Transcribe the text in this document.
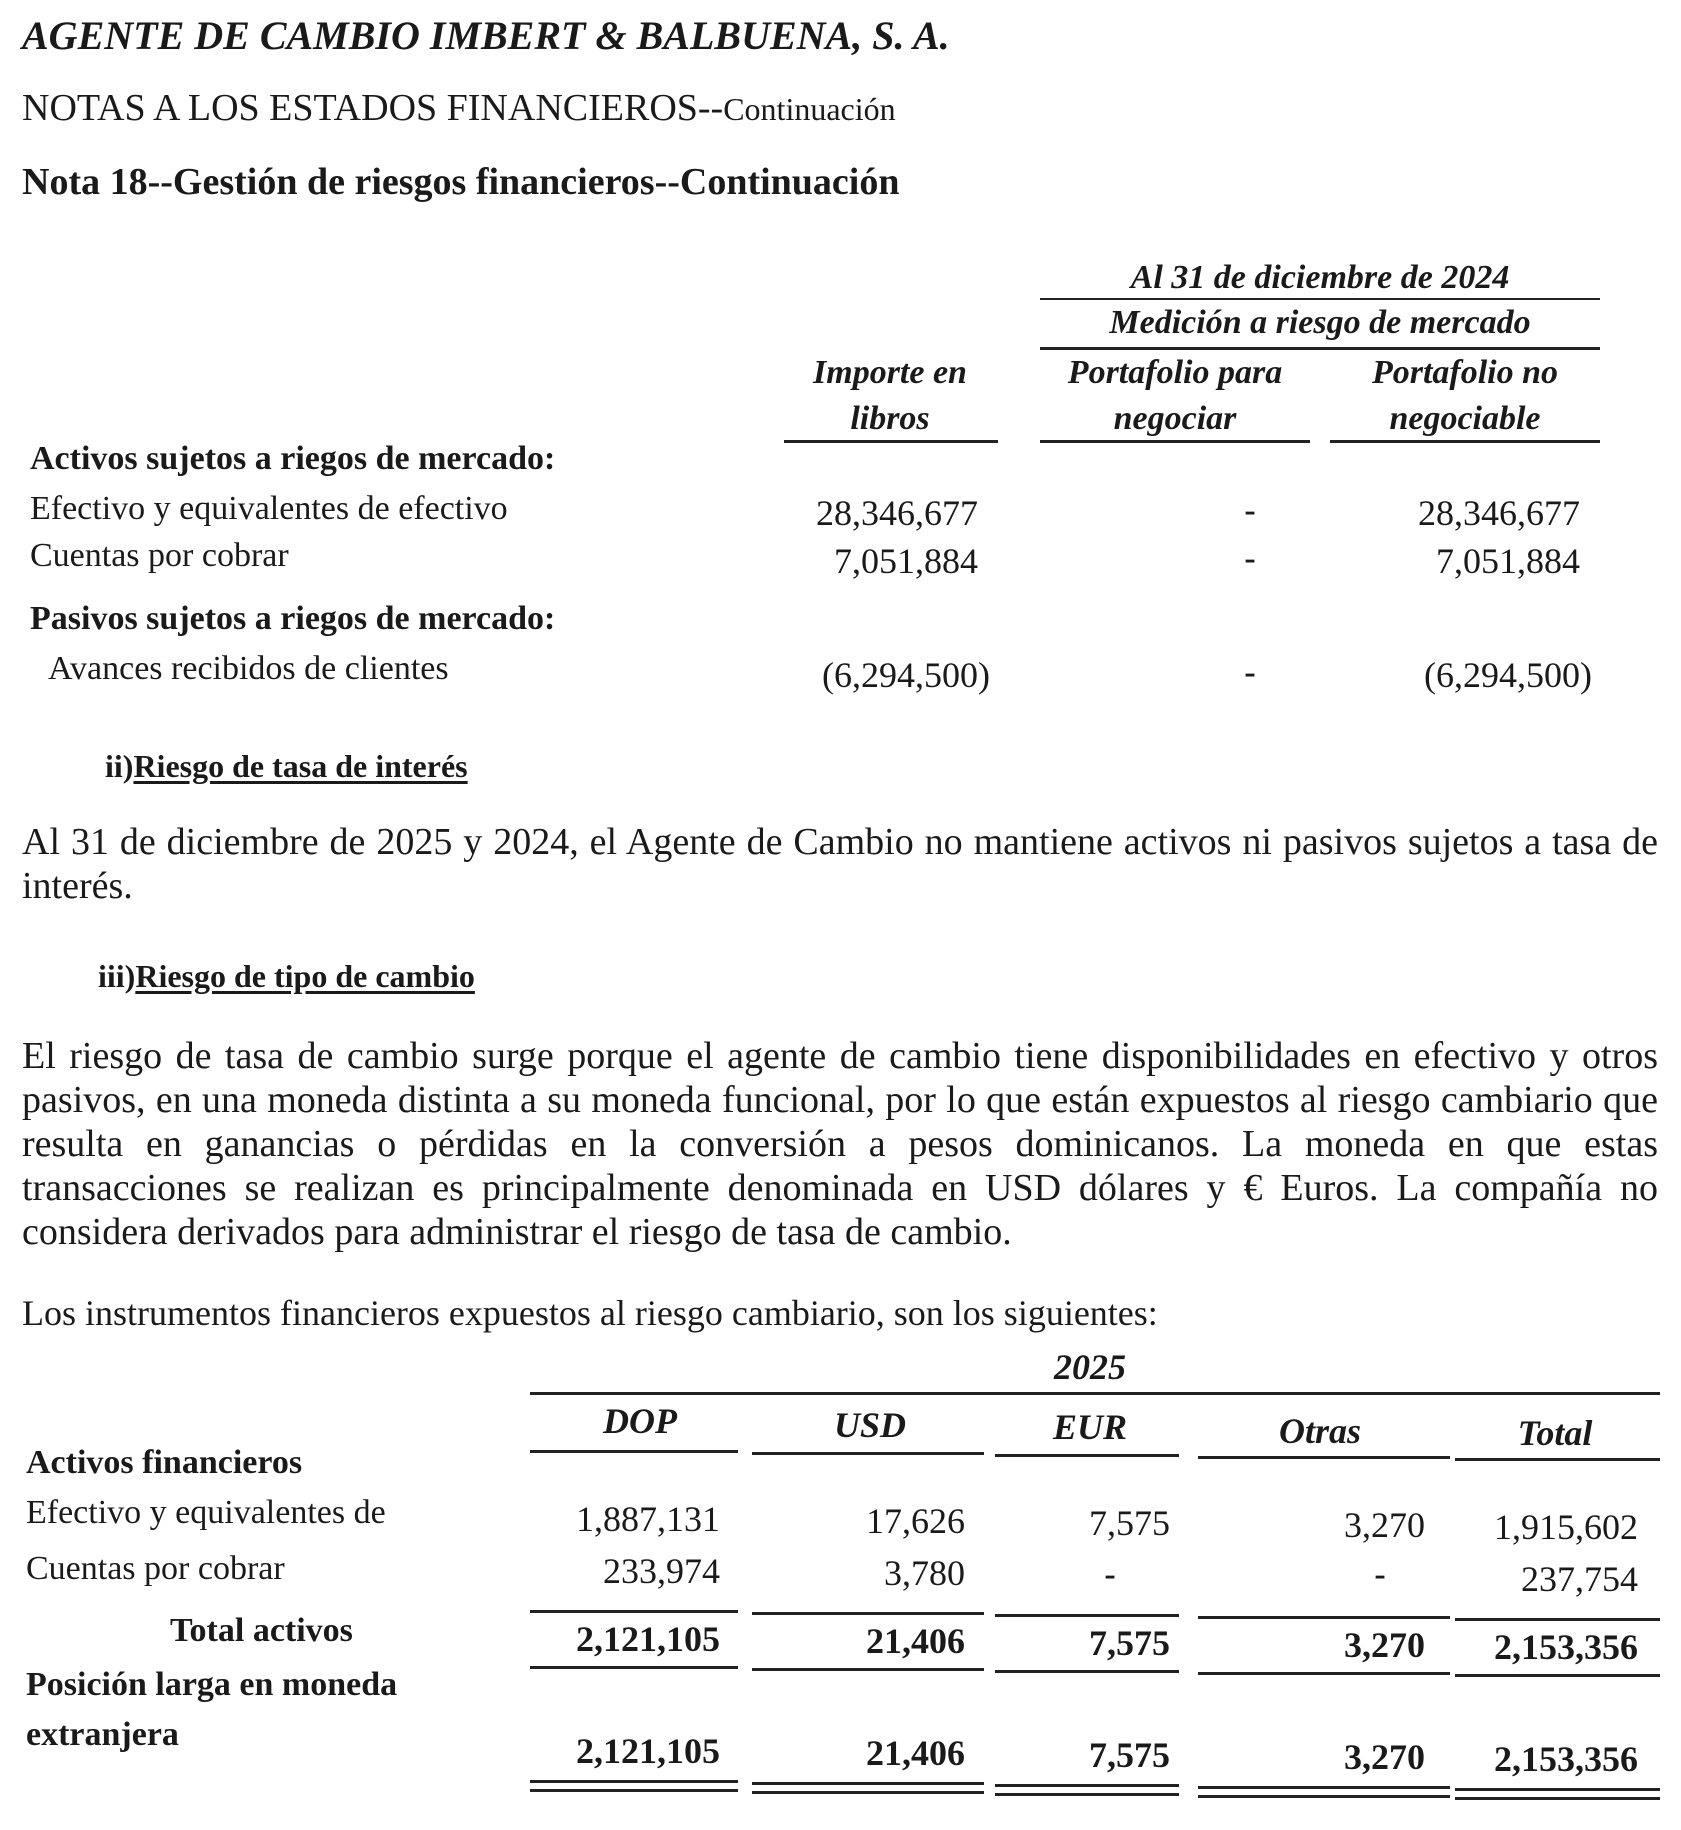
AGENTE DE CAMBIO IMBERT & BALBUENA, S. A.
NOTAS A LOS ESTADOS FINANCIEROS--Continuación
Nota 18--Gestión de riesgos financieros--Continuación
Al 31 de diciembre de 2024
Medición a riesgo de mercado
Importe en
libros
Portafolio para
negociar
Portafolio no
negociable
Activos sujetos a riegos de mercado:
Efectivo y equivalentes de efectivo	28,346,677	-	28,346,677
Cuentas por cobrar	7,051,884	-	7,051,884
Pasivos sujetos a riegos de mercado:
Avances recibidos de clientes	(6,294,500)	-	(6,294,500)
ii)Riesgo de tasa de interés
Al 31 de diciembre de 2025 y 2024, el Agente de Cambio no mantiene activos ni pasivos sujetos a tasa de interés.
iii)Riesgo de tipo de cambio
El riesgo de tasa de cambio surge porque el agente de cambio tiene disponibilidades en efectivo y otros pasivos, en una moneda distinta a su moneda funcional, por lo que están expuestos al riesgo cambiario que resulta en ganancias o pérdidas en la conversión a pesos dominicanos. La moneda en que estas transacciones se realizan es principalmente denominada en USD dólares y € Euros. La compañía no considera derivados para administrar el riesgo de tasa de cambio.
Los instrumentos financieros expuestos al riesgo cambiario, son los siguientes:
2025
DOP	USD	EUR	Otras	Total
Activos financieros
Efectivo y equivalentes de	1,887,131	17,626	7,575	3,270	1,915,602
Cuentas por cobrar	233,974	3,780	-	-	237,754
Total activos	2,121,105	21,406	7,575	3,270	2,153,356
Posición larga en moneda
extranjera	2,121,105	21,406	7,575	3,270	2,153,356
